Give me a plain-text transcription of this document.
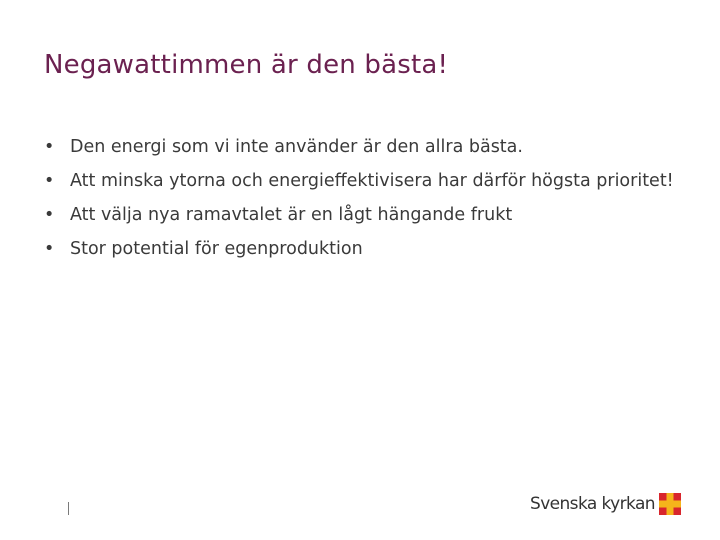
Negawattimmen är den bästa!
• Den energi som vi inte använder är den allra bästa.
• Att minska ytorna och energieffektivisera har därför högsta prioritet!
• Att välja nya ramavtalet är en lågt hängande frukt
• Stor potential för egenproduktion
Svenska kyrkan
